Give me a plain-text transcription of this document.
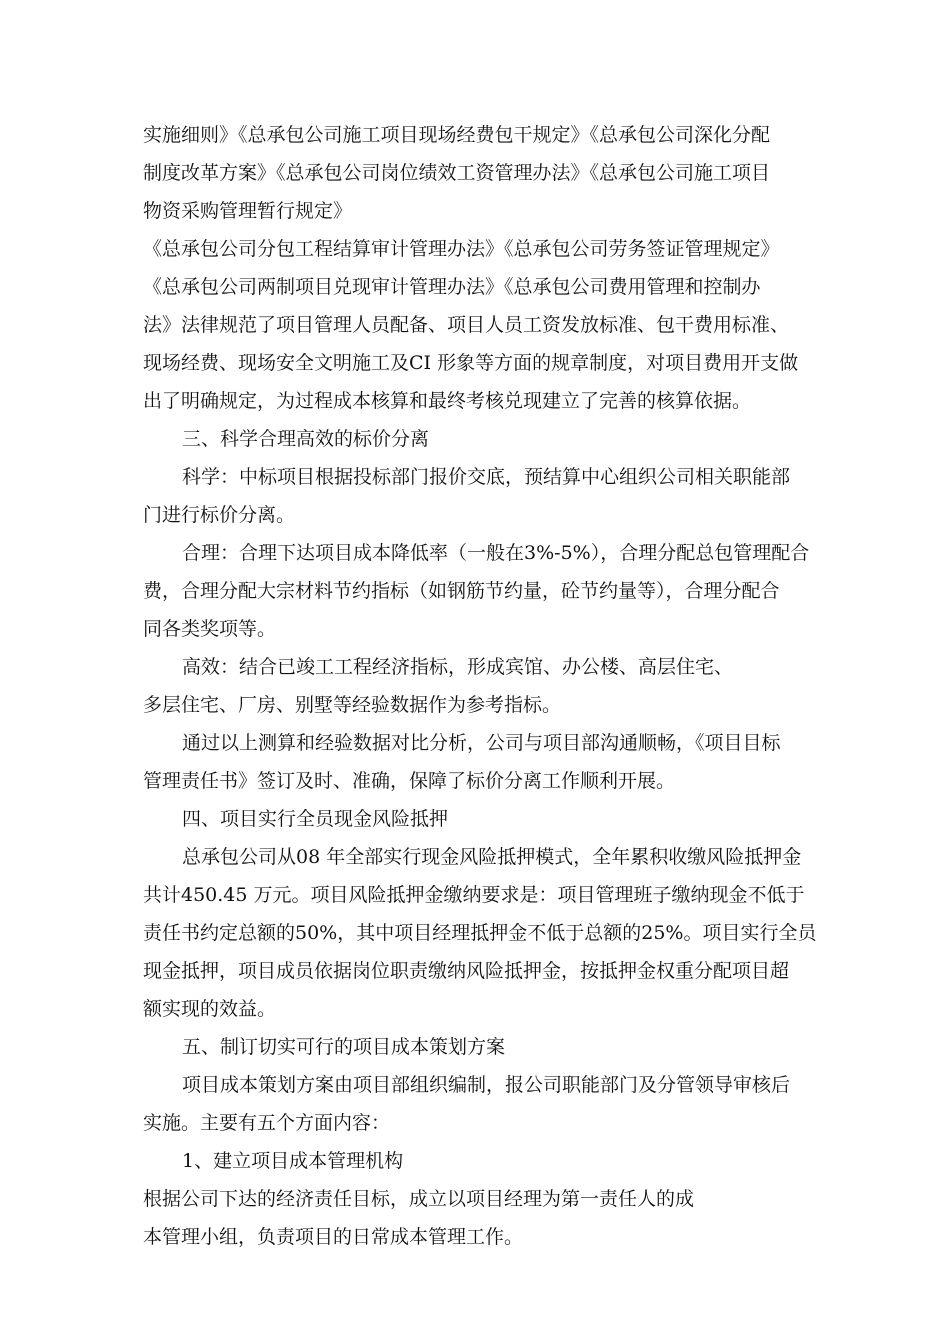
实施细则》《总承包公司施工项目现场经费包干规定》《总承包公司深化分配
制度改革方案》《总承包公司岗位绩效工资管理办法》《总承包公司施工项目
物资采购管理暂行规定》
《总承包公司分包工程结算审计管理办法》《总承包公司劳务签证管理规定》
《总承包公司两制项目兑现审计管理办法》《总承包公司费用管理和控制办
法》法律规范了项目管理人员配备、项目人员工资发放标准、包干费用标准、
现场经费、现场安全文明施工及CI 形象等方面的规章制度，对项目费用开支做
出了明确规定，为过程成本核算和最终考核兑现建立了完善的核算依据。
三、科学合理高效的标价分离
科学：中标项目根据投标部门报价交底，预结算中心组织公司相关职能部
门进行标价分离。
合理：合理下达项目成本降低率（一般在3%-5%），合理分配总包管理配合
费，合理分配大宗材料节约指标（如钢筋节约量，砼节约量等），合理分配合
同各类奖项等。
高效：结合已竣工工程经济指标，形成宾馆、办公楼、高层住宅、
多层住宅、厂房、别墅等经验数据作为参考指标。
通过以上测算和经验数据对比分析，公司与项目部沟通顺畅，《项目目标
管理责任书》签订及时、准确，保障了标价分离工作顺利开展。
四、项目实行全员现金风险抵押
总承包公司从08 年全部实行现金风险抵押模式，全年累积收缴风险抵押金
共计450.45 万元。项目风险抵押金缴纳要求是：项目管理班子缴纳现金不低于
责任书约定总额的50%，其中项目经理抵押金不低于总额的25%。项目实行全员
现金抵押，项目成员依据岗位职责缴纳风险抵押金，按抵押金权重分配项目超
额实现的效益。
五、制订切实可行的项目成本策划方案
项目成本策划方案由项目部组织编制，报公司职能部门及分管领导审核后
实施。主要有五个方面内容：
1、建立项目成本管理机构
根据公司下达的经济责任目标，成立以项目经理为第一责任人的成
本管理小组，负责项目的日常成本管理工作。
